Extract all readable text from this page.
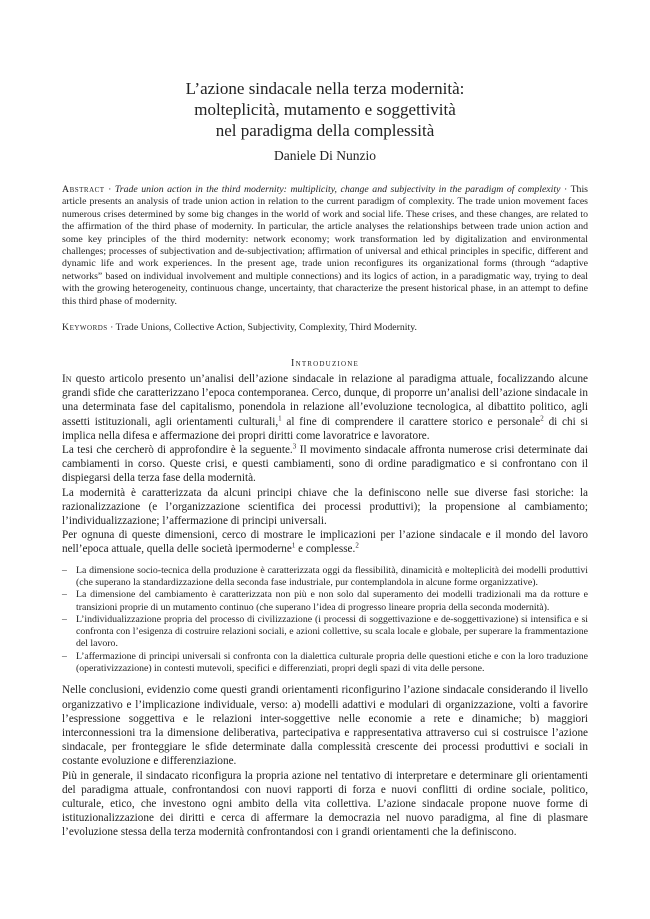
L’azione sindacale nella terza modernità:
molteplicità, mutamento e soggettività
nel paradigma della complessità
Daniele Di Nunzio
Abstract · Trade union action in the third modernity: multiplicity, change and subjectivity in the paradigm of complexity · This article presents an analysis of trade union action in relation to the current paradigm of complexity. The trade union movement faces numerous crises determined by some big changes in the world of work and social life. These crises, and these changes, are related to the affirmation of the third phase of modernity. In particular, the article analyses the relationships between trade union action and some key principles of the third modernity: network economy; work transformation led by digitalization and environmental challenges; processes of subjectivation and de-subjectivation; affirmation of universal and ethical principles in specific, different and dynamic life and work experiences. In the present age, trade union reconfigures its organizational forms (through “adaptive networks” based on individual involvement and multiple connections) and its logics of action, in a paradigmatic way, trying to deal with the growing heterogeneity, continuous change, uncertainty, that characterize the present historical phase, in an attempt to define this third phase of modernity.
Keywords · Trade Unions, Collective Action, Subjectivity, Complexity, Third Modernity.
Introduzione

In questo articolo presento un’analisi dell’azione sindacale in relazione al paradigma attuale, focalizzando alcune grandi sfide che caratterizzano l’epoca contemporanea. Cerco, dunque, di proporre un’analisi dell’azione sindacale in una determinata fase del capitalismo, ponendola in relazione all’evoluzione tecnologica, al dibattito politico, agli assetti istituzionali, agli orientamenti culturali,$^1$ al fine di comprendere il carattere storico e personale$^2$ di chi si implica nella difesa e affermazione dei propri diritti come lavoratrice e lavoratore.

La tesi che cercherò di approfondire è la seguente.$^3$ Il movimento sindacale affronta numerose crisi determinate dai cambiamenti in corso. Queste crisi, e questi cambiamenti, sono di ordine paradigmatico e si confrontano con il dispiegarsi della terza fase della modernità.

La modernità è caratterizzata da alcuni principi chiave che la definiscono nelle sue diverse fasi storiche: la razionalizzazione (e l’organizzazione scientifica dei processi produttivi); la propensione al cambiamento; l’individualizzazione; l’affermazione di principi universali.

Per ognuna di queste dimensioni, cerco di mostrare le implicazioni per l’azione sindacale e il mondo del lavoro nell’epoca attuale, quella delle società ipermoderne$^1$ e complesse.$^2$

– La dimensione socio-tecnica della produzione è caratterizzata oggi da flessibilità, dinamicità e molteplicità dei modelli produttivi (che superano la standardizzazione della seconda fase industriale, pur contemplandola in alcune forme organizzative).
– La dimensione del cambiamento è caratterizzata non più e non solo dal superamento dei modelli tradizionali ma da rotture e transizioni proprie di un mutamento continuo (che superano l’idea di progresso lineare propria della seconda modernità).
– L’individualizzazione propria del processo di civilizzazione (i processi di soggettivazione e de-soggettivazione) si intensifica e si confronta con l’esigenza di costruire relazioni sociali, e azioni collettive, su scala locale e globale, per superare la frammentazione del lavoro.
– L’affermazione di principi universali si confronta con la dialettica culturale propria delle questioni etiche e con la loro traduzione (operativizzazione) in contesti mutevoli, specifici e differenziati, propri degli spazi di vita delle persone.

Nelle conclusioni, evidenzio come questi grandi orientamenti riconfigurino l’azione sindacale considerando il livello organizzativo e l’implicazione individuale, verso: a) modelli adattivi e modulari di organizzazione, volti a favorire l’espressione soggettiva e le relazioni inter-soggettive nelle economie a rete e dinamiche; b) maggiori interconnessioni tra la dimensione deliberativa, partecipativa e rappresentativa attraverso cui si costruisce l’azione sindacale, per fronteggiare le sfide determinate dalla complessità crescente dei processi produttivi e sociali in costante evoluzione e differenziazione.

Più in generale, il sindacato riconfigura la propria azione nel tentativo di interpretare e determinare gli orientamenti del paradigma attuale, confrontandosi con nuovi rapporti di forza e nuovi conflitti di ordine sociale, politico, culturale, etico, che investono ogni ambito della vita collettiva. L’azione sindacale propone nuove forme di istituzionalizzazione dei diritti e cerca di affermare la democrazia nel nuovo paradigma, al fine di plasmare l’evoluzione stessa della terza modernità confrontandosi con i grandi orientamenti che la definiscono.
